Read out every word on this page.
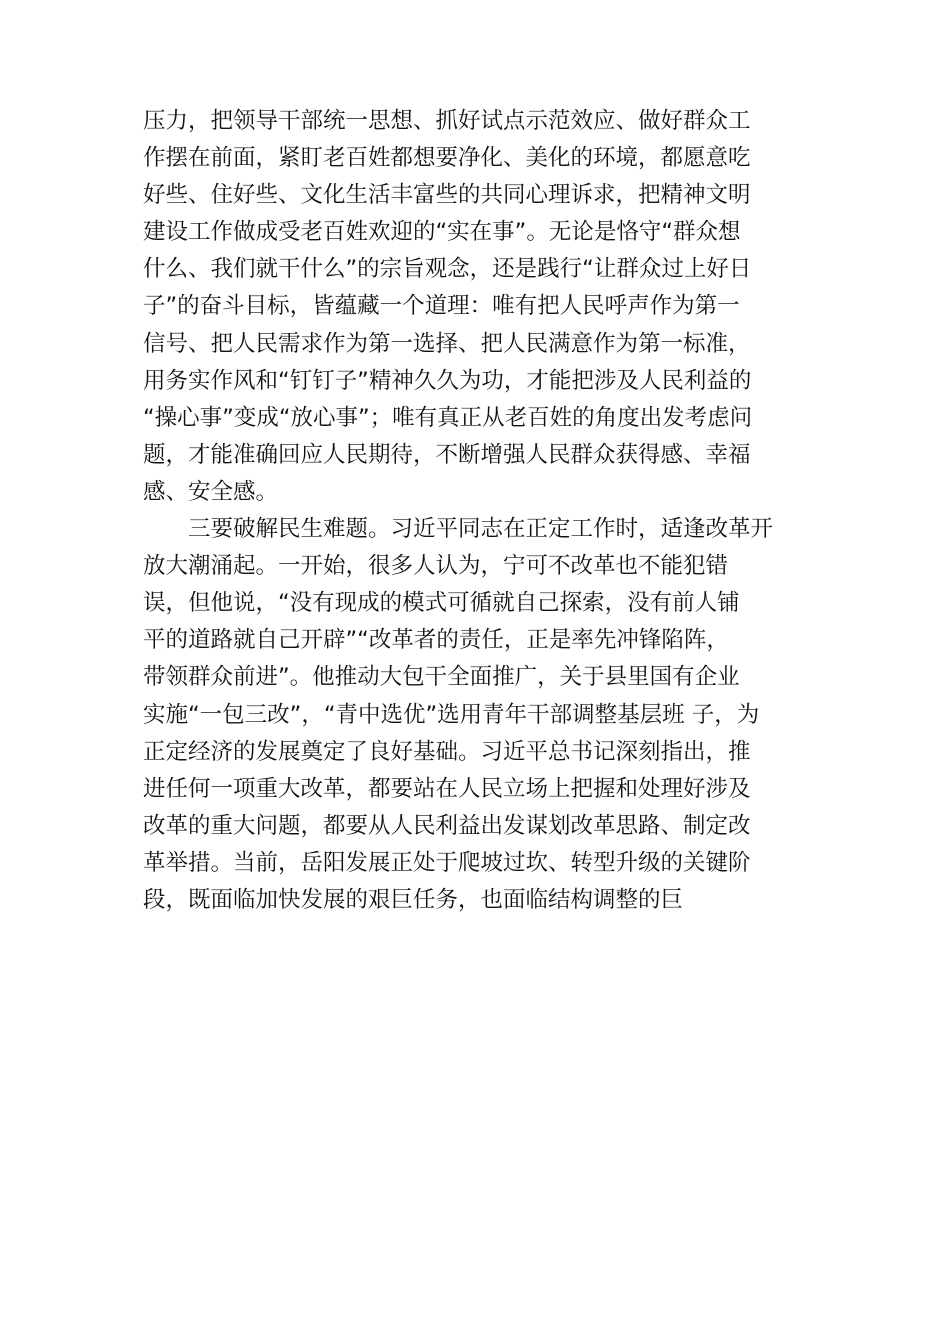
压力，把领导干部统一思想、抓好试点示范效应、做好群众工
作摆在前面，紧盯老百姓都想要净化、美化的环境，都愿意吃
好些、住好些、文化生活丰富些的共同心理诉求，把精神文明
建设工作做成受老百姓欢迎的“实在事”。无论是恪守“群众想
什么、我们就干什么”的宗旨观念，还是践行“让群众过上好日
子”的奋斗目标，皆蕴藏一个道理：唯有把人民呼声作为第一
信号、把人民需求作为第一选择、把人民满意作为第一标准，
用务实作风和“钉钉子”精神久久为功，才能把涉及人民利益的
“操心事”变成“放心事”；唯有真正从老百姓的角度出发考虑问
题，才能准确回应人民期待，不断增强人民群众获得感、幸福
感、安全感。
　　三要破解民生难题。习近平同志在正定工作时，适逢改革开
放大潮涌起。一开始，很多人认为，宁可不改革也不能犯错
误，但他说，“没有现成的模式可循就自己探索，没有前人铺
平的道路就自己开辟”“改革者的责任，正是率先冲锋陷阵，
带领群众前进”。他推动大包干全面推广，关于县里国有企业
实施“一包三改”，“青中选优”选用青年干部调整基层班 子，为
正定经济的发展奠定了良好基础。习近平总书记深刻指出，推
进任何一项重大改革，都要站在人民立场上把握和处理好涉及
改革的重大问题，都要从人民利益出发谋划改革思路、制定改
革举措。当前，岳阳发展正处于爬坡过坎、转型升级的关键阶
段，既面临加快发展的艰巨任务，也面临结构调整的巨
